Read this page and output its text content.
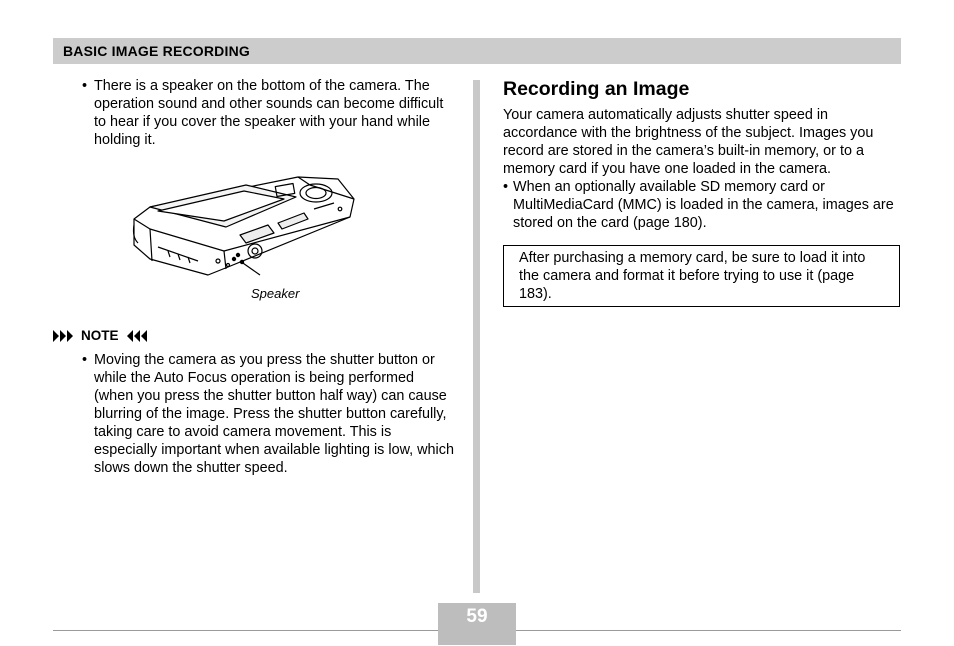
BASIC IMAGE RECORDING
• There is a speaker on the bottom of the camera. The operation sound and other sounds can become difficult to hear if you cover the speaker with your hand while holding it.
Speaker
NOTE
• Moving the camera as you press the shutter button or while the Auto Focus operation is being performed (when you press the shutter button half way) can cause blurring of the image. Press the shutter button carefully, taking care to avoid camera movement. This is especially important when available lighting is low, which slows down the shutter speed.
Recording an Image
Your camera automatically adjusts shutter speed in accordance with the brightness of the subject. Images you record are stored in the camera’s built-in memory, or to a memory card if you have one loaded in the camera.
• When an optionally available SD memory card or MultiMediaCard (MMC) is loaded in the camera, images are stored on the card (page 180).
After purchasing a memory card, be sure to load it into the camera and format it before trying to use it (page 183).
59
